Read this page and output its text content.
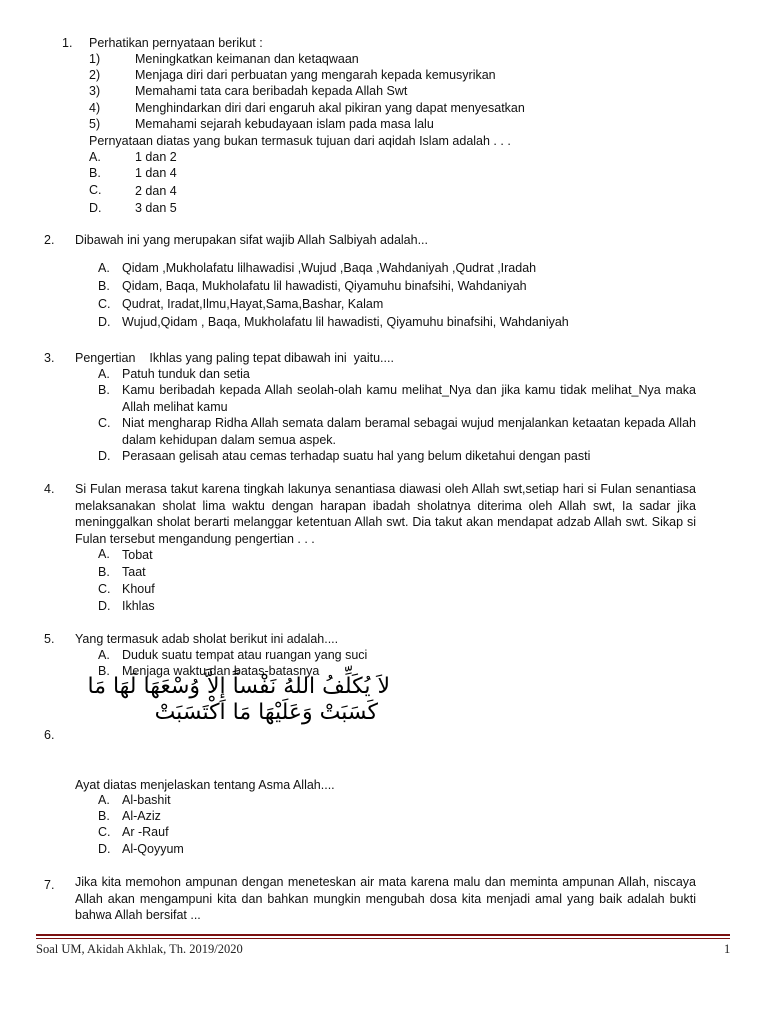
1. Perhatikan pernyataan berikut :
1)	Meningkatkan keimanan dan ketaqwaan
2)	Menjaga diri dari perbuatan yang mengarah kepada kemusyrikan
3)	Memahami tata cara beribadah kepada Allah Swt
4)	Menghindarkan diri dari engaruh akal pikiran yang dapat menyesatkan
5)	Memahami sejarah kebudayaan islam pada masa lalu
Pernyataan diatas yang bukan termasuk tujuan dari aqidah Islam adalah . . .
A.	1 dan 2
B.	1 dan 4
C.	2 dan 4
D.	3 dan 5
2. Dibawah ini yang merupakan sifat wajib Allah Salbiyah adalah...
A. Qidam ,Mukholafatu lilhawadisi ,Wujud ,Baqa ,Wahdaniyah ,Qudrat ,Iradah
B. Qidam, Baqa, Mukholafatu lil hawadisti, Qiyamuhu binafsihi, Wahdaniyah
C. Qudrat, Iradat,Ilmu,Hayat,Sama,Bashar, Kalam
D. Wujud,Qidam , Baqa, Mukholafatu lil hawadisti, Qiyamuhu binafsihi, Wahdaniyah
3. Pengertian    Ikhlas yang paling tepat dibawah ini  yaitu....
A. Patuh tunduk dan setia
B. Kamu beribadah kepada Allah seolah-olah kamu melihat_Nya dan jika kamu tidak melihat_Nya maka Allah melihat kamu
C. Niat mengharap Ridha Allah semata dalam beramal sebagai wujud menjalankan ketaatan kepada Allah dalam kehidupan dalam semua aspek.
D. Perasaan gelisah atau cemas terhadap suatu hal yang belum diketahui dengan pasti
4. Si Fulan merasa takut karena tingkah lakunya senantiasa diawasi oleh Allah swt,setiap hari si Fulan senantiasa melaksanakan sholat lima waktu dengan harapan ibadah sholatnya diterima oleh Allah swt, Ia sadar jika meninggalkan sholat berarti melanggar ketentuan Allah swt. Dia takut akan mendapat adzab Allah swt. Sikap si Fulan tersebut mengandung pengertian . . .
A. Tobat
B. Taat
C. Khouf
D. Ikhlas
5. Yang termasuk adab sholat berikut ini adalah....
A. Duduk suatu tempat atau ruangan yang suci
B. Menjaga waktu dan batas-batasnya
لاَ يُكَلِّفُ اللهُ نَفْساً إِلاَّ وُسْعَهَا لَهَا مَا
كَسَبَتْ وَعَلَيْهَا مَا اكْتَسَبَتْ
6.
Ayat diatas menjelaskan tentang Asma Allah....
A. Al-bashit
B. Al-Aziz
C. Ar -Rauf
D. Al-Qoyyum
7. Jika kita memohon ampunan dengan meneteskan air mata karena malu dan meminta ampunan Allah, niscaya Allah akan mengampuni kita dan bahkan mungkin mengubah dosa kita menjadi amal yang baik adalah bukti bahwa Allah bersifat ...
Soal UM, Akidah Akhlak, Th. 2019/2020	1
